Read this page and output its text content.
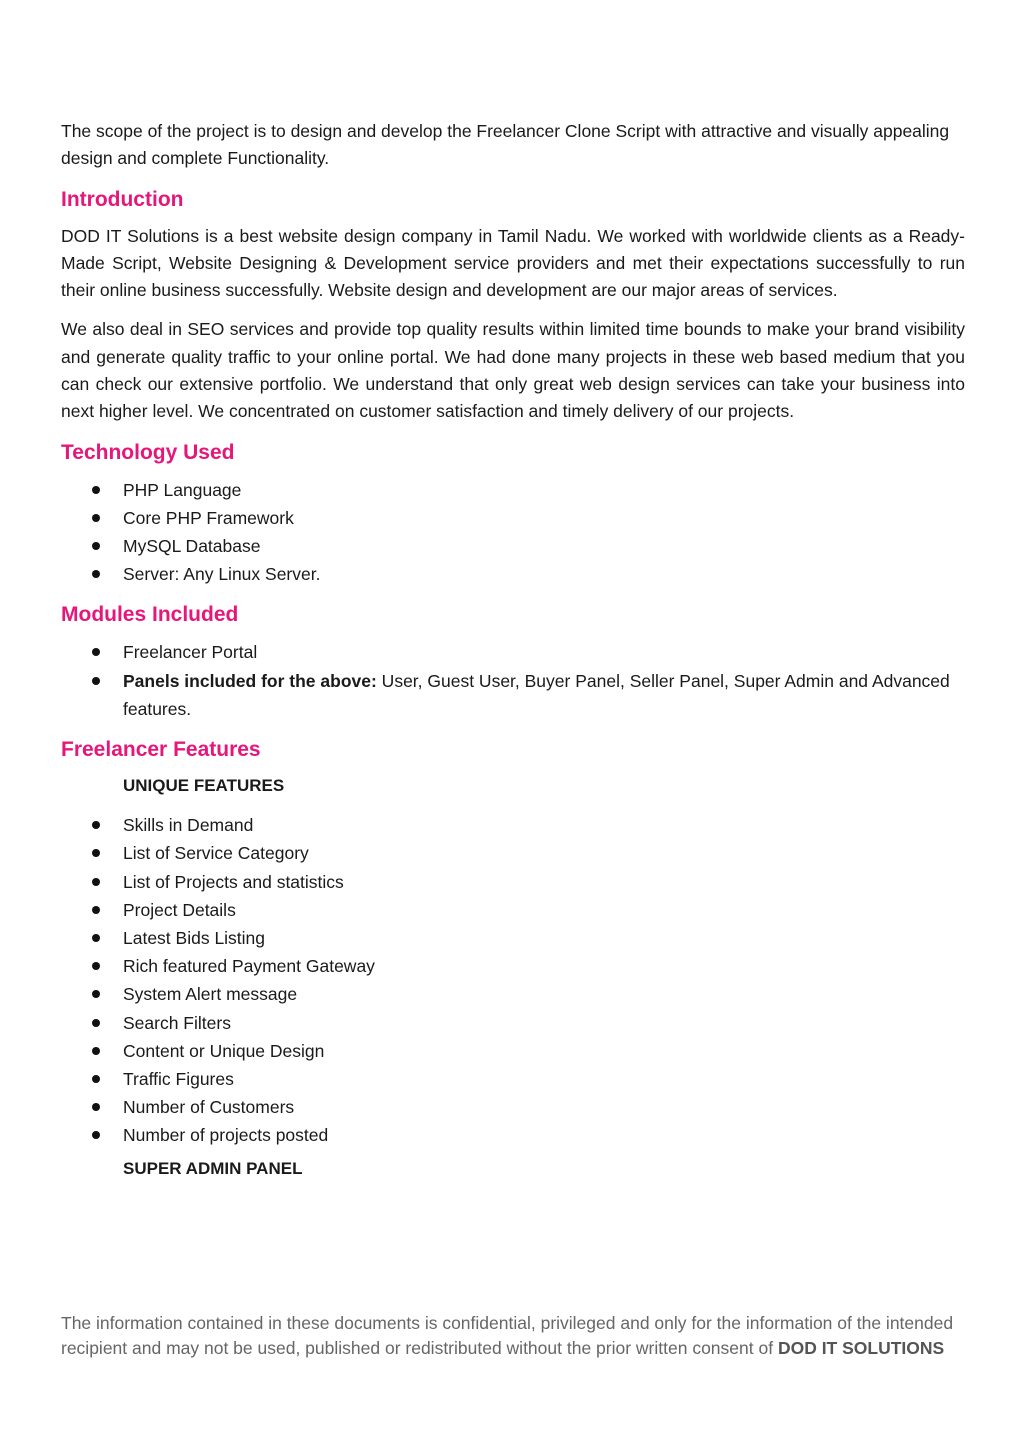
The scope of the project is to design and develop the Freelancer Clone Script with attractive and visually appealing design and complete Functionality.

Introduction

DOD IT Solutions is a best website design company in Tamil Nadu. We worked with worldwide clients as a Ready-Made Script, Website Designing & Development service providers and met their expectations successfully to run their online business successfully. Website design and development are our major areas of services.

We also deal in SEO services and provide top quality results within limited time bounds to make your brand visibility and generate quality traffic to your online portal. We had done many projects in these web based medium that you can check our extensive portfolio. We understand that only great web design services can take your business into next higher level. We concentrated on customer satisfaction and timely delivery of our projects.

Technology Used
PHP Language
Core PHP Framework
MySQL Database
Server: Any Linux Server.
Modules Included
Freelancer Portal
Panels included for the above: User, Guest User, Buyer Panel, Seller Panel, Super Admin and Advanced features.
Freelancer Features
UNIQUE FEATURES
Skills in Demand
List of Service Category
List of Projects and statistics
Project Details
Latest Bids Listing
Rich featured Payment Gateway
System Alert message
Search Filters
Content or Unique Design
Traffic Figures
Number of Customers
Number of projects posted
SUPER ADMIN PANEL
The information contained in these documents is confidential, privileged and only for the information of the intended recipient and may not be used, published or redistributed without the prior written consent of DOD IT SOLUTIONS
